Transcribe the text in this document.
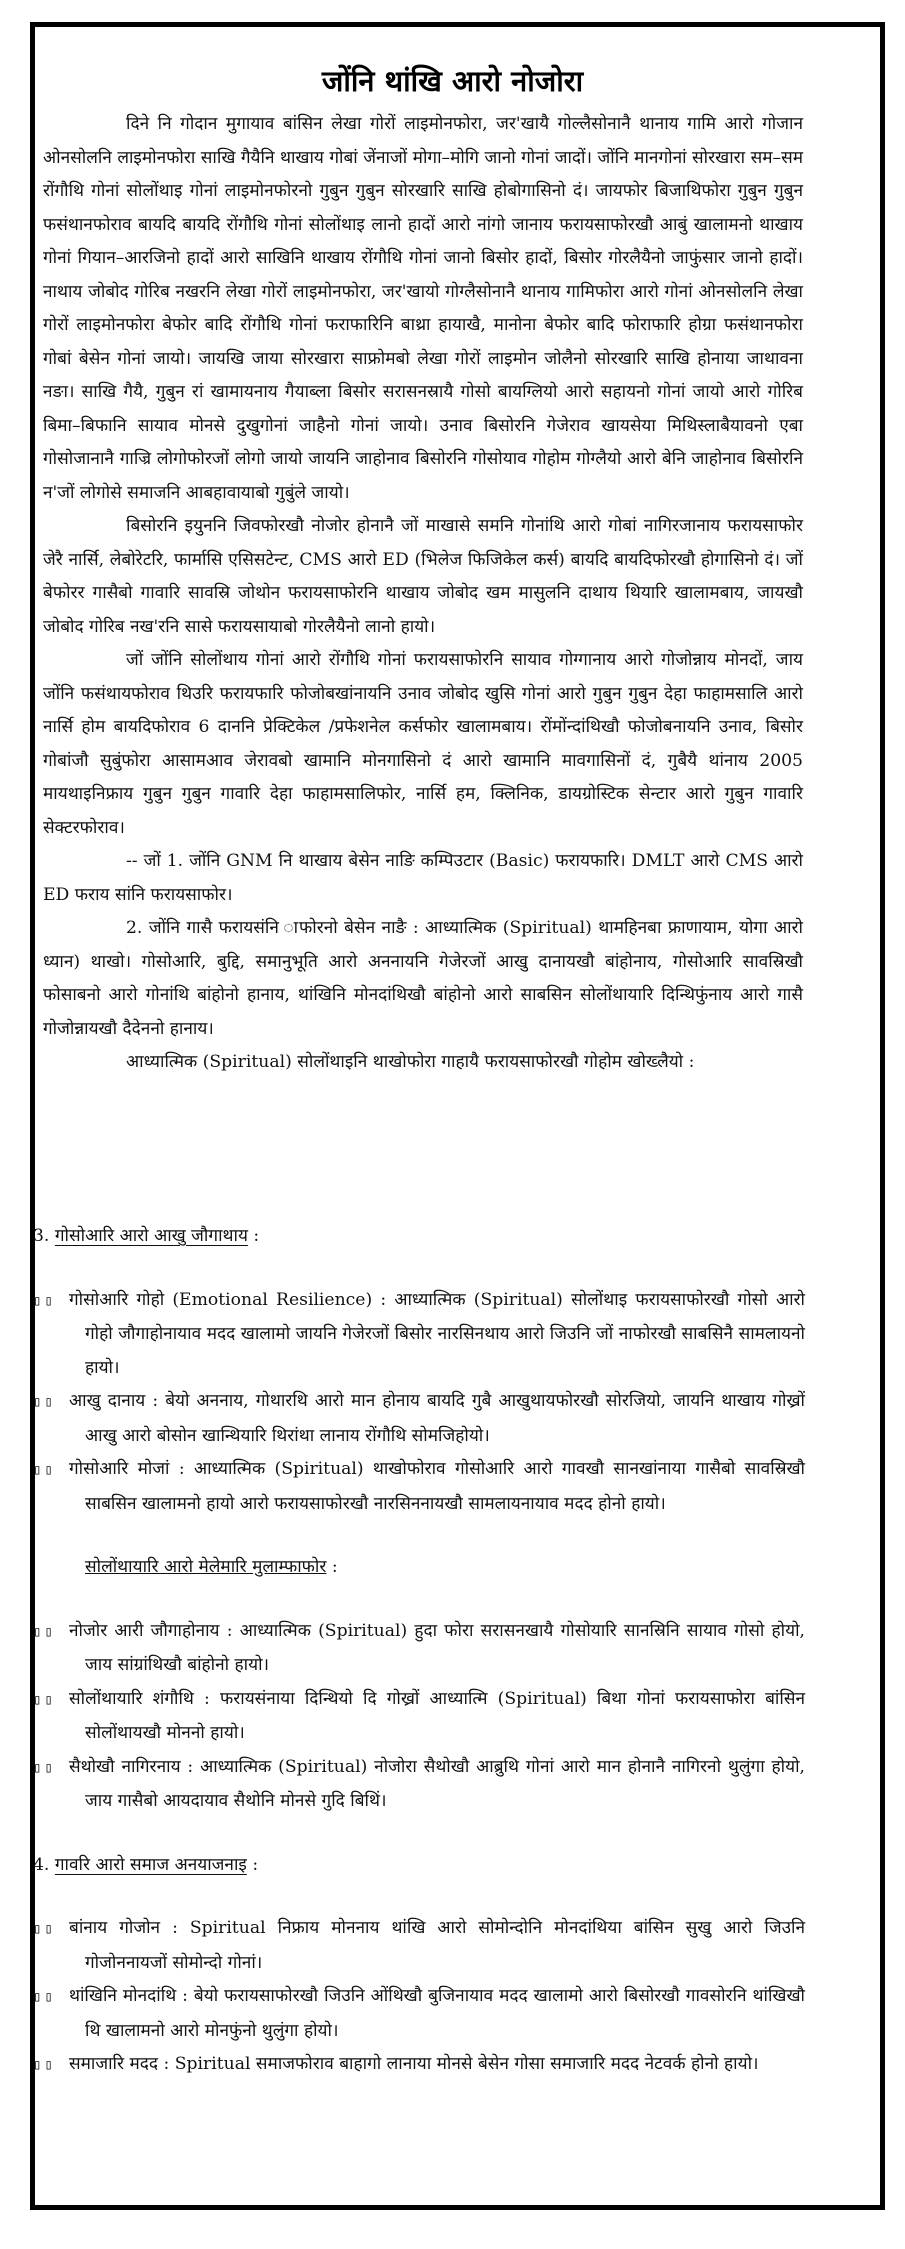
जोंनि थांखि आरो नोजोरा

दिने नि गोदान मुगायाव बांसिन लेखा गोरों लाइमोनफोरा, जर'खायै गोल्लैसोनानै थानाय गामि आरो गोजान ओनसोलनि लाइमोनफोरा साखि गैयैनि थाखाय गोबां जेंनाजों मोगा–मोगि जानो गोनां जादों। जोंनि मानगोनां सोरखारा सम–सम रोंगौथि गोनां सोलोंथाइ गोनां लाइमोनफोरनो गुबुन गुबुन सोरखारि साखि होबोगासिनो दं। जायफोर बिजाथिफोरा गुबुन गुबुन फसंथानफोराव बायदि बायदि रोंगौथि गोनां सोलोंथाइ लानो हादों आरो नांगो जानाय फरायसाफोरखौ आबुं खालामनो थाखाय गोनां गियान–आरजिनो हादों आरो साखिनि थाखाय रोंगौथि गोनां जानो बिसोर हादों, बिसोर गोरलैयैनो जाफुंसार जानो हादों। नाथाय जोबोद गोरिब नखरनि लेखा गोरों लाइमोनफोरा, जर'खायो गोग्लैसोनानै थानाय गामिफोरा आरो गोनां ओनसोलनि लेखा गोरों लाइमोनफोरा बेफोर बादि रोंगौथि गोनां फराफारिनि बाथ्रा हायाखै, मानोना बेफोर बादि फोराफारि होग्रा फसंथानफोरा गोबां बेसेन गोनां जायो। जायखि जाया सोरखारा साफ्रोमबो लेखा गोरों लाइमोन जोलैनो सोरखारि साखि होनाया जाथावना नङा। साखि गैयै, गुबुन रां खामायनाय गैयाब्ला बिसोर सरासनस्रायै गोसो बायग्लियो आरो सहायनो गोनां जायो आरो गोरिब बिमा–बिफानि सायाव मोनसे दुखुगोनां जाहैनो गोनां जायो। उनाव बिसोरनि गेजेराव खायसेया मिथिस्लाबैयावनो एबा गोसोजानानै गाज्रि लोगोफोरजों लोगो जायो जायनि जाहोनाव बिसोरनि गोसोयाव गोहोम गोग्लैयो आरो बेनि जाहोनाव बिसोरनि न'जों लोगोसे समाजनि आबहावायाबो गुबुंले जायो।

बिसोरनि इयुननि जिवफोरखौ नोजोर होनानै जों माखासे समनि गोनांथि आरो गोबां नागिरजानाय फरायसाफोर जेरै नार्सि, लेबोरेटरि, फार्मासि एसिसटेन्ट, CMS आरो ED (भिलेज फिजिकेल कर्स) बायदि बायदिफोरखौ होगासिनो दं। जों बेफोरर गासैबो गावारि सावस्रि जोथोन फरायसाफोरनि थाखाय जोबोद खम मासुलनि दाथाय थियारि खालामबाय, जायखौ जोबोद गोरिब नख'रनि सासे फरायसायाबो गोरलैयैनो लानो हायो।

जों जोंनि सोलोंथाय गोनां आरो रोंगौथि गोनां फरायसाफोरनि सायाव गोग्गानाय आरो गोजोन्नाय मोनदों, जाय जोंनि फसंथायफोराव थिउरि फरायफारि फोजोबखांनायनि उनाव जोबोद खुसि गोनां आरो गुबुन गुबुन देहा फाहामसालि आरो नार्सि होम बायदिफोराव 6 दाननि प्रेक्टिकेल /प्रफेशनेल कर्सफोर खालामबाय। रोंमोंन्दांथिखौ फोजोबनायनि उनाव, बिसोर गोबांजौ सुबुंफोरा आसामआव जेरावबो खामानि मोनगासिनो दं आरो खामानि मावगासिनों दं, गुबैयै थांनाय 2005 मायथाइनिफ्राय गुबुन गुबुन गावारि देहा फाहामसालिफोर, नार्सि हम, क्लिनिक, डायग्रोस्टिक सेन्टार आरो गुबुन गावारि सेक्टरफोराव।

-- जों 1. जोंनि GNM नि थाखाय बेसेन नाङि कम्पिउटार (Basic) फरायफारि। DMLT आरो CMS आरो ED फराय सांनि फरायसाफोर।

2. जोंनि गासै फरायसंनि ाफोरनो बेसेन नाङै : आध्यात्मिक (Spiritual) थामहिनबा फ्राणायाम, योगा आरो ध्यान) थाखो। गोसोआरि, बुद्दि, समानुभूति आरो अननायनि गेजेरजों आखु दानायखौ बांहोनाय, गोसोआरि सावस्रिखौ फोसाबनो आरो गोनांथि बांहोनो हानाय, थांखिनि मोनदांथिखौ बांहोनो आरो साबसिन सोलोंथायारि दिन्थिफुंनाय आरो गासै गोजोन्नायखौ दैदेननो हानाय।

आध्यात्मिक (Spiritual) सोलोंथाइनि थाखोफोरा गाहायै फरायसाफोरखौ गोहोम खोख्लैयो :

3. गोसोआरि आरो आखु जौगाथाय :

▯▯ गोसोआरि गोहो (Emotional Resilience) : आध्यात्मिक (Spiritual) सोलोंथाइ फरायसाफोरखौ गोसो आरो गोहो जौगाहोनायाव मदद खालामो जायनि गेजेरजों बिसोर नारसिनथाय आरो जिउनि जों नाफोरखौ साबसिनै सामलायनो हायो।

▯▯ आखु दानाय : बेयो अननाय, गोथारथि आरो मान होनाय बायदि गुबै आखुथायफोरखौ सोरजियो, जायनि थाखाय गोख्रों आखु आरो बोसोन खान्थियारि थिरांथा लानाय रोंगौथि सोमजिहोयो।

▯▯ गोसोआरि मोजां : आध्यात्मिक (Spiritual) थाखोफोराव गोसोआरि आरो गावखौ सानखांनाया गासैबो सावस्रिखौ साबसिन खालामनो हायो आरो फरायसाफोरखौ नारसिननायखौ सामलायनायाव मदद होनो हायो।

सोलोंथायारि आरो मेलेमारि मुलाम्फाफोर :

▯▯ नोजोर आरी जौगाहोनाय : आध्यात्मिक (Spiritual) हुदा फोरा सरासनखायै गोसोयारि सानस्रिनि सायाव गोसो होयो, जाय सांग्रांथिखौ बांहोनो हायो।

▯▯ सोलोंथायारि शंगौथि : फरायसंनाया दिन्थियो दि गोख्रों आध्यात्मि (Spiritual) बिथा गोनां फरायसाफोरा बांसिन सोलोंथायखौ मोननो हायो।

▯▯ सैथोखौ नागिरनाय : आध्यात्मिक (Spiritual) नोजोरा सैथोखौ आब्रुथि गोनां आरो मान होनानै नागिरनो थुलुंगा होयो, जाय गासैबो आयदायाव सैथोनि मोनसे गुदि बिथिं।

4. गावरि आरो समाज अनयाजनाइ :

▯▯ बांनाय गोजोन : Spiritual निफ्राय मोननाय थांखि आरो सोमोन्दोनि मोनदांथिया बांसिन सुखु आरो जिउनि गोजोननायजों सोमोन्दो गोनां।

▯▯ थांखिनि मोनदांथि : बेयो फरायसाफोरखौ जिउनि ओंथिखौ बुजिनायाव मदद खालामो आरो बिसोरखौ गावसोरनि थांखिखौ थि खालामनो आरो मोनफुंनो थुलुंगा होयो।

▯▯ समाजारि मदद : Spiritual समाजफोराव बाहागो लानाया मोनसे बेसेन गोसा समाजारि मदद नेटवर्क होनो हायो।
